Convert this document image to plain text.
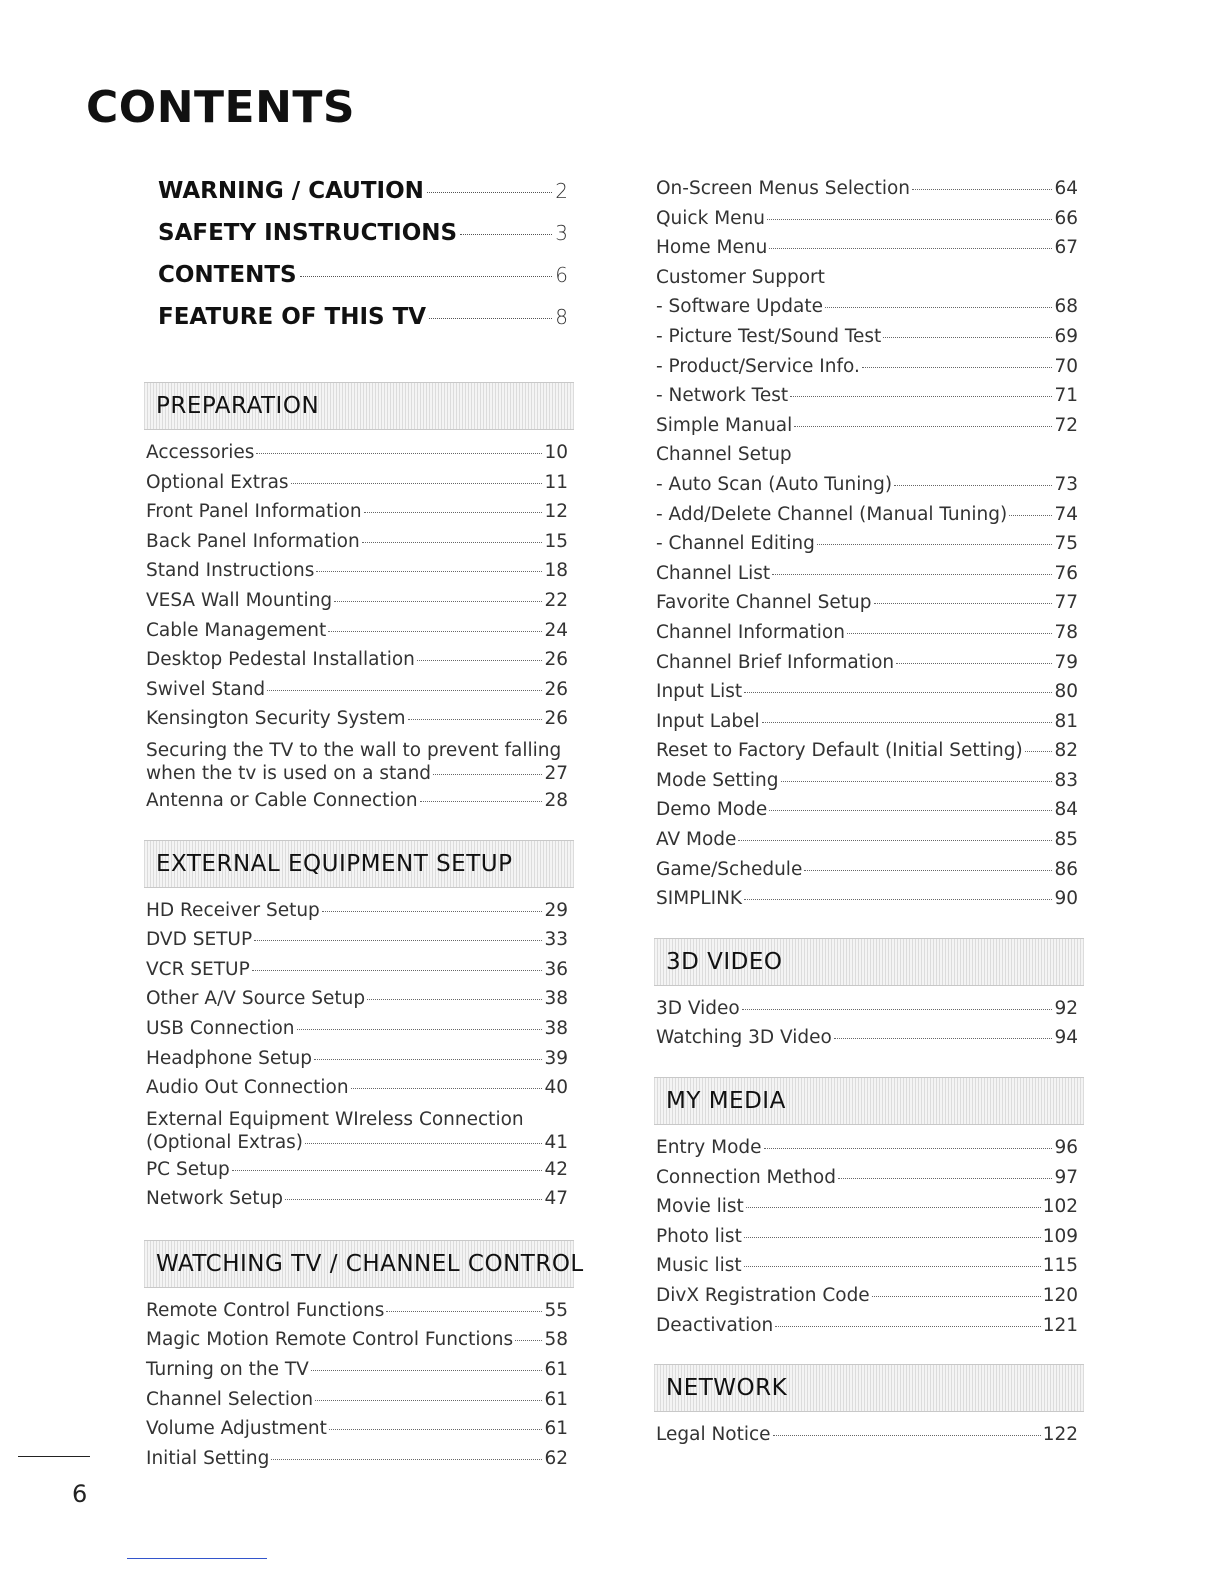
CONTENTS
WARNING / CAUTION	2
SAFETY INSTRUCTIONS	3
CONTENTS	6
FEATURE OF THIS TV	8
PREPARATION
Accessories	10
Optional Extras	11
Front Panel Information	12
Back Panel Information	15
Stand Instructions	18
VESA Wall Mounting	22
Cable Management	24
Desktop Pedestal Installation	26
Swivel Stand	26
Kensington Security System	26
Securing the TV to the wall to prevent falling
when the tv is used on a stand	27
Antenna or Cable Connection	28
EXTERNAL EQUIPMENT SETUP
HD Receiver Setup	29
DVD SETUP	33
VCR SETUP	36
Other A/V Source Setup	38
USB Connection	38
Headphone Setup	39
Audio Out Connection	40
External Equipment WIreless Connection
(Optional Extras)	41
PC Setup	42
Network Setup	47
WATCHING TV / CHANNEL CONTROL
Remote Control Functions	55
Magic Motion Remote Control Functions 58
Turning on the TV	61
Channel Selection	61
Volume Adjustment	61
Initial Setting	62
On-Screen Menus Selection	64
Quick Menu	66
Home Menu	67
Customer Support
- Software Update	68
- Picture Test/Sound Test	69
- Product/Service Info.	70
- Network Test	71
Simple Manual	72
Channel Setup
- Auto Scan (Auto Tuning)	73
- Add/Delete Channel (Manual Tuning)	74
- Channel Editing	75
Channel List	76
Favorite Channel Setup	77
Channel Information	78
Channel Brief Information	79
Input List	80
Input Label	81
Reset to Factory Default (Initial Setting) 82
Mode Setting	83
Demo Mode	84
AV Mode	85
Game/Schedule	86
SIMPLINK	90
3D VIDEO
3D Video	92
Watching 3D Video	94
MY MEDIA
Entry Mode	96
Connection Method	97
Movie list	102
Photo list	109
Music list	115
DivX Registration Code	120
Deactivation	121
NETWORK
Legal Notice	122
6
